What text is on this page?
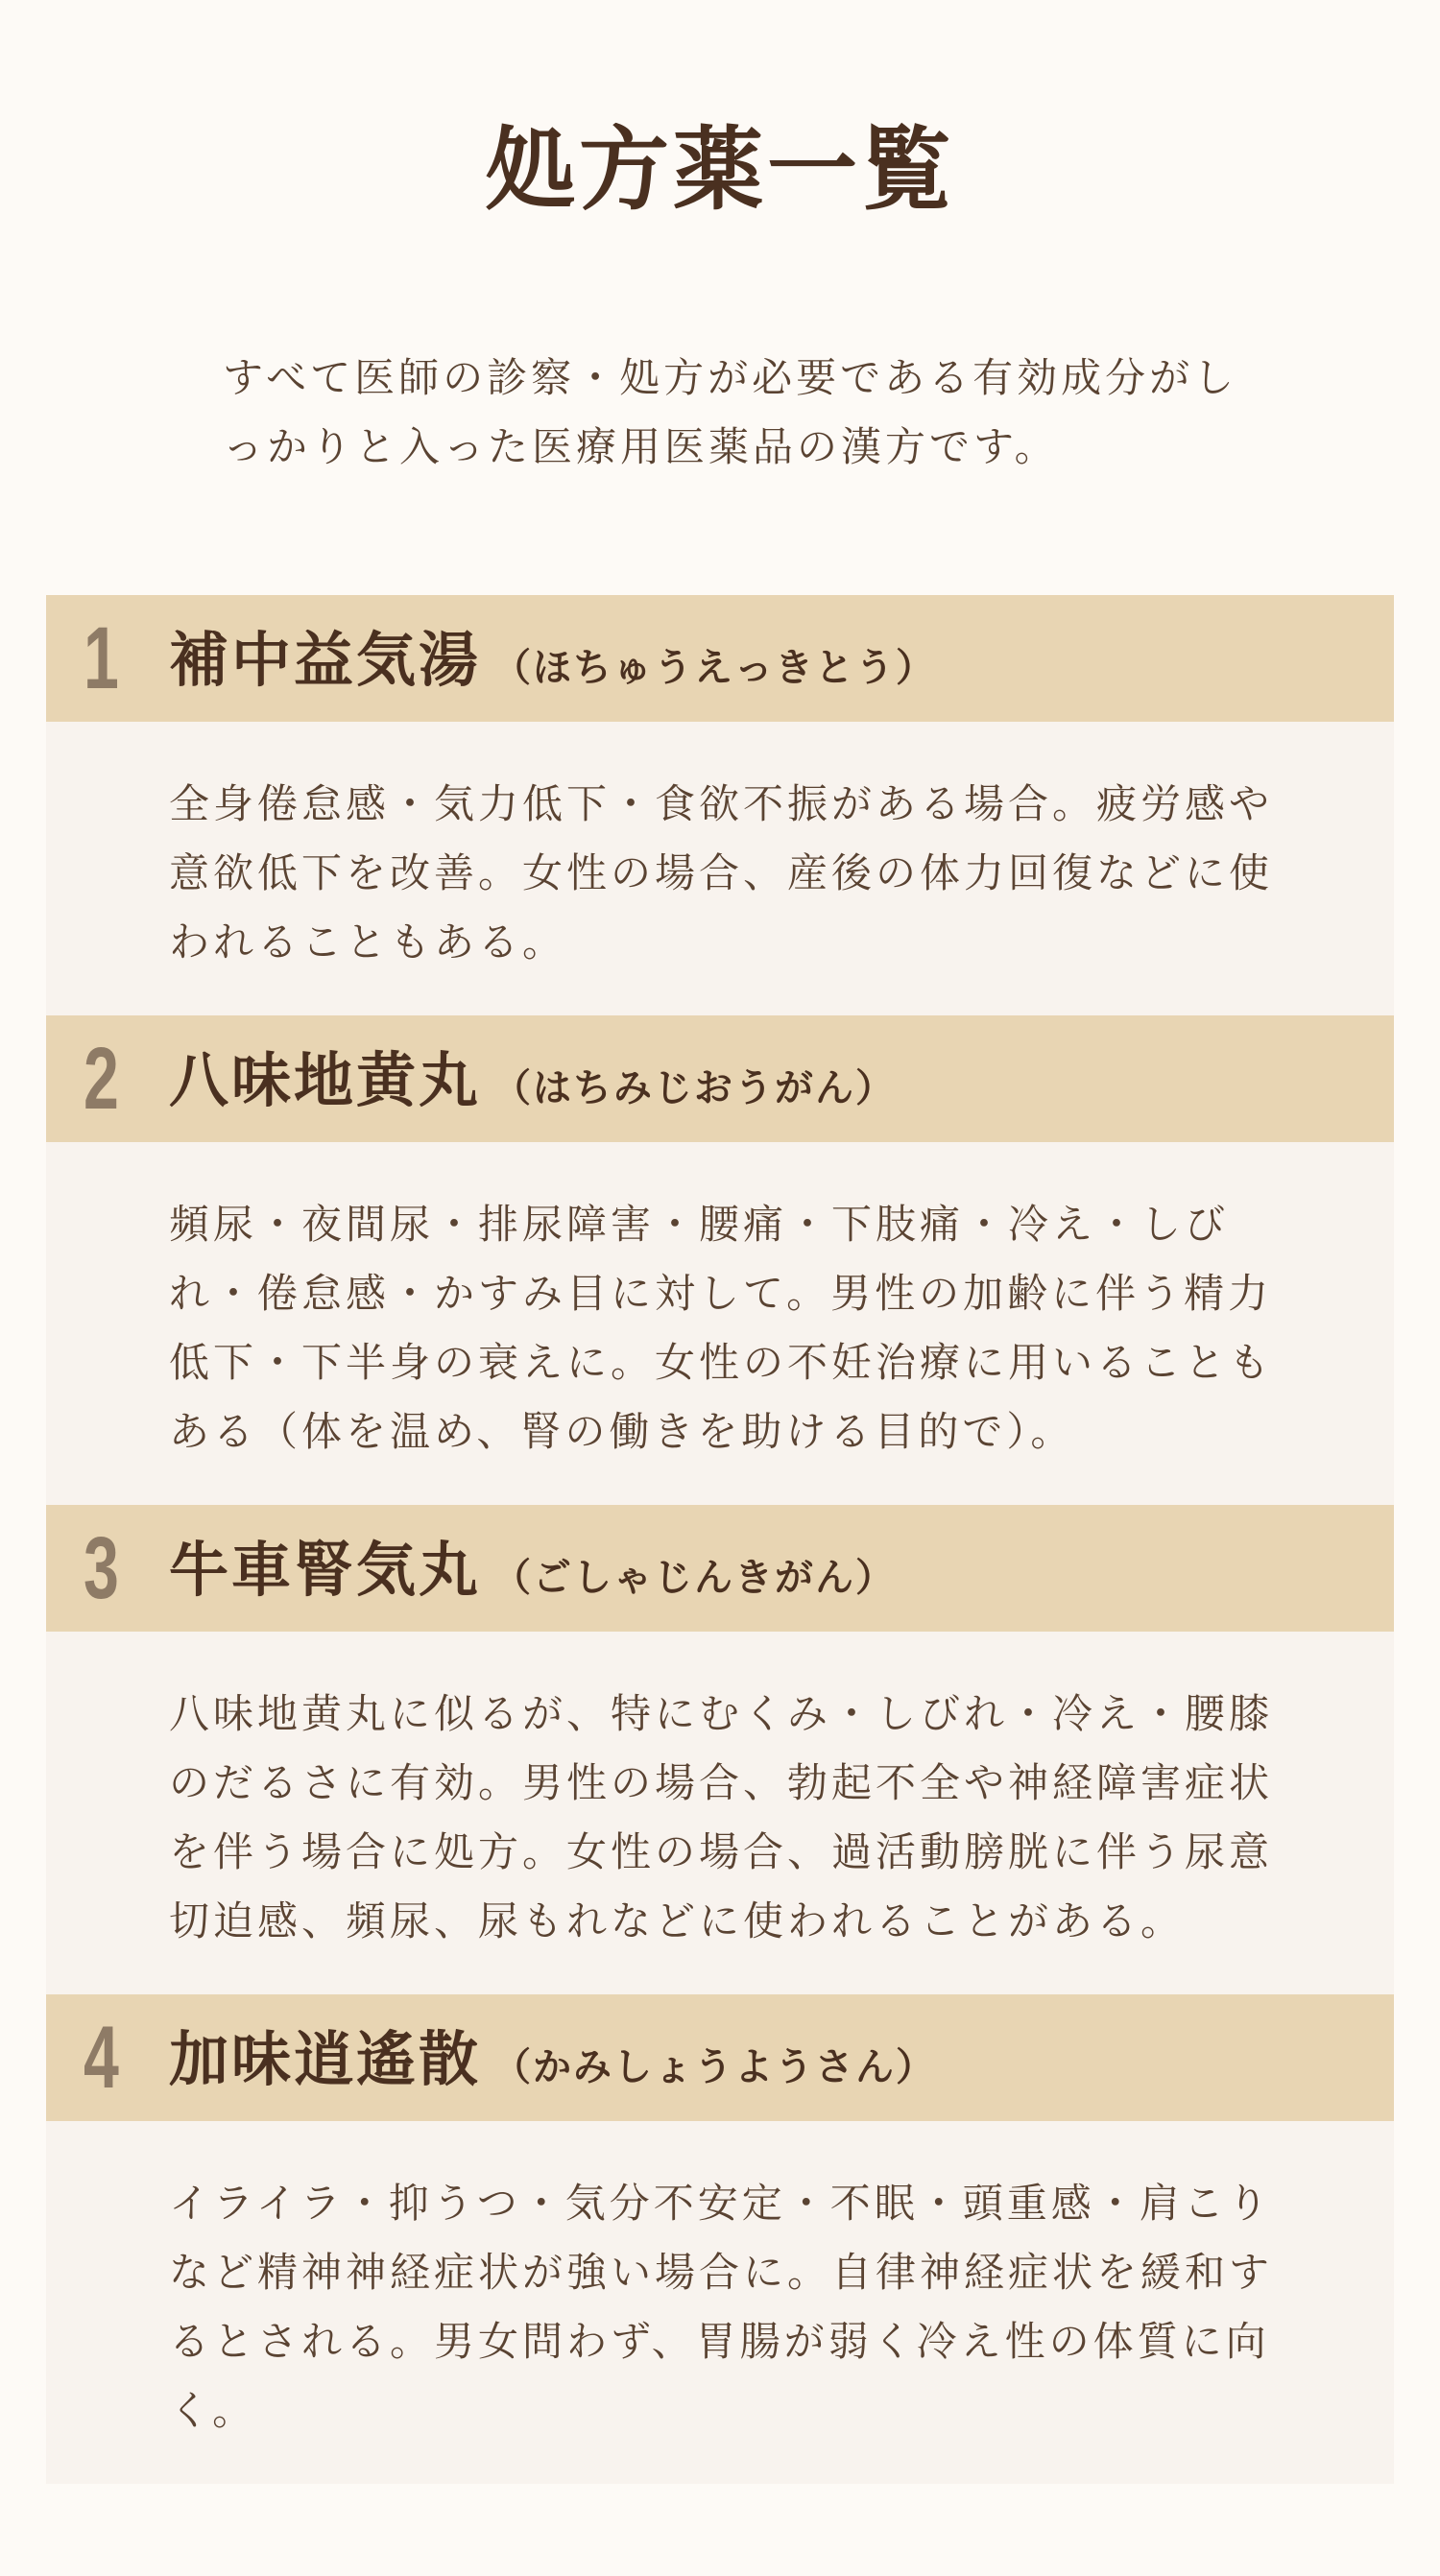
処方薬一覧

すべて医師の診察・処方が必要である有効成分がしっかりと入った医療用医薬品の漢方です。

1 補中益気湯 （ほちゅうえっきとう）

全身倦怠感・気力低下・食欲不振がある場合。疲労感や意欲低下を改善。女性の場合、産後の体力回復などに使われることもある。

2 八味地黄丸 （はちみじおうがん）

頻尿・夜間尿・排尿障害・腰痛・下肢痛・冷え・しびれ・倦怠感・かすみ目に対して。男性の加齢に伴う精力低下・下半身の衰えに。女性の不妊治療に用いることもある（体を温め、腎の働きを助ける目的で）。

3 牛車腎気丸 （ごしゃじんきがん）

八味地黄丸に似るが、特にむくみ・しびれ・冷え・腰膝のだるさに有効。男性の場合、勃起不全や神経障害症状を伴う場合に処方。女性の場合、過活動膀胱に伴う尿意切迫感、頻尿、尿もれなどに使われることがある。

4 加味逍遙散 （かみしょうようさん）

イライラ・抑うつ・気分不安定・不眠・頭重感・肩こりなど精神神経症状が強い場合に。自律神経症状を緩和するとされる。男女問わず、胃腸が弱く冷え性の体質に向く。
